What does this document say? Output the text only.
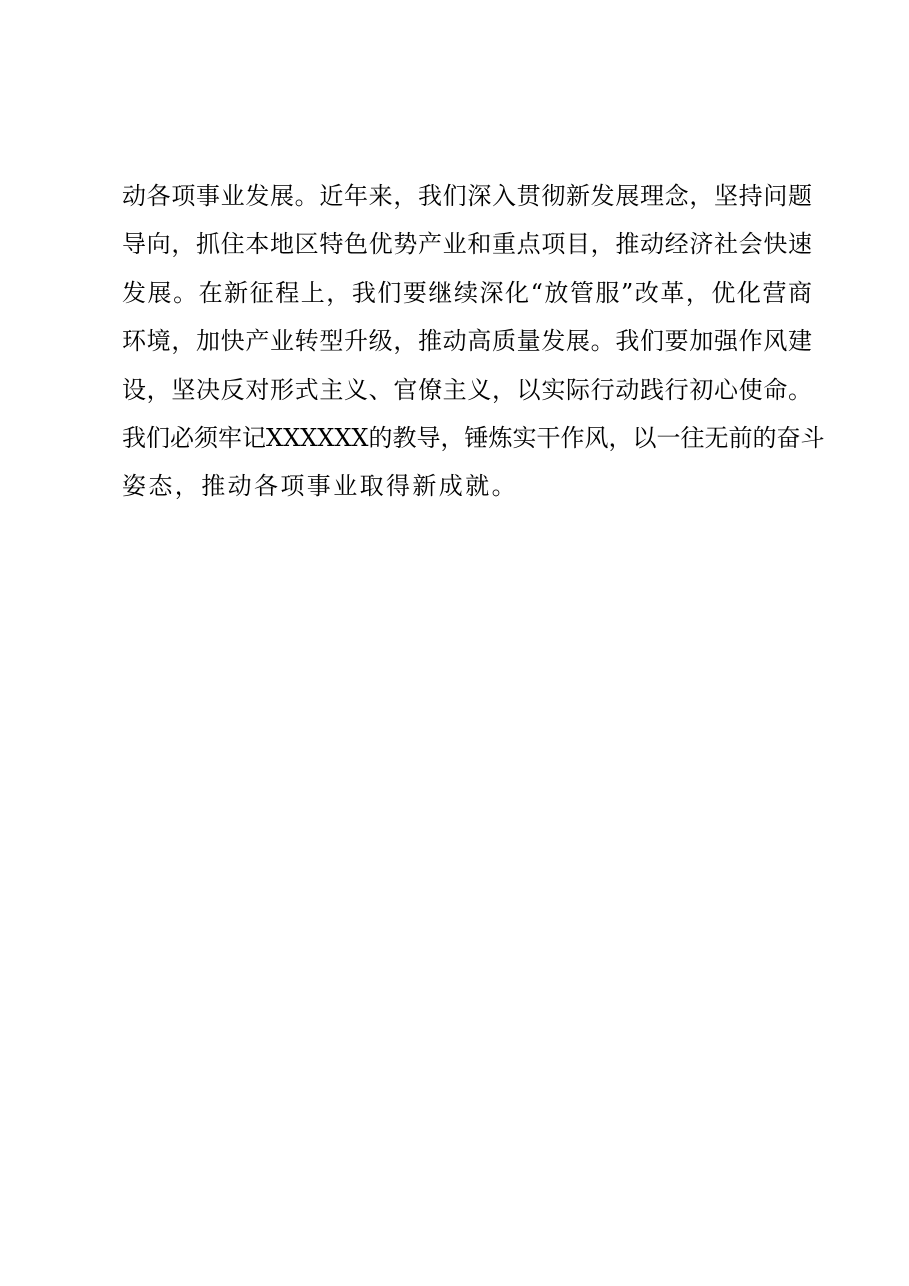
动各项事业发展。近年来，我们深入贯彻新发展理念，坚持问题
导向，抓住本地区特色优势产业和重点项目，推动经济社会快速
发展。在新征程上，我们要继续深化“放管服”改革，优化营商
环境，加快产业转型升级，推动高质量发展。我们要加强作风建
设，坚决反对形式主义、官僚主义，以实际行动践行初心使命。
我们必须牢记XXXXXX的教导，锤炼实干作风，以一往无前的奋斗
姿态，推动各项事业取得新成就。
